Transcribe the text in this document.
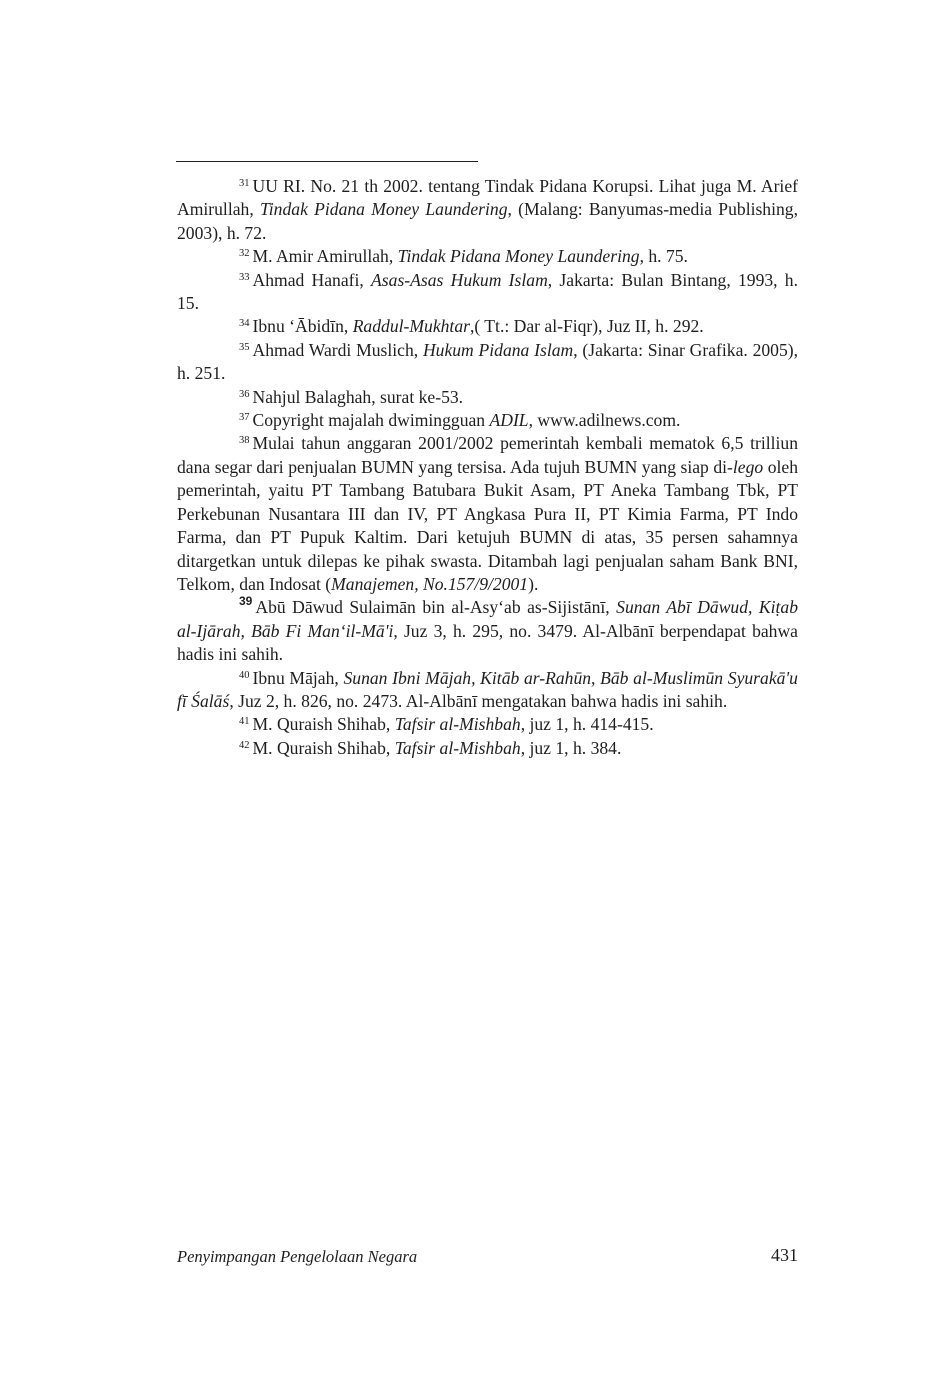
$^{31}$ UU RI. No. 21 th 2002. tentang Tindak Pidana Korupsi. Lihat juga M. Arief Amirullah, Tindak Pidana Money Laundering, (Malang: Banyumas-media Publishing, 2003), h. 72.

$^{32}$ M. Amir Amirullah, Tindak Pidana Money Laundering, h. 75.

$^{33}$ Ahmad Hanafi, Asas-Asas Hukum Islam, Jakarta: Bulan Bintang, 1993, h. 15.

$^{34}$ Ibnu ‘Ābidīn, Raddul-Mukhtar,( Tt.: Dar al-Fiqr), Juz II, h. 292.

$^{35}$ Ahmad Wardi Muslich, Hukum Pidana Islam, (Jakarta: Sinar Grafika. 2005), h. 251.

$^{36}$ Nahjul Balaghah, surat ke-53.

$^{37}$ Copyright majalah dwimingguan ADIL, www.adilnews.com.

$^{38}$ Mulai tahun anggaran 2001/2002 pemerintah kembali mematok 6,5 trilliun dana segar dari penjualan BUMN yang tersisa. Ada tujuh BUMN yang siap di-lego oleh pemerintah, yaitu PT Tambang Batubara Bukit Asam, PT Aneka Tambang Tbk, PT Perkebunan Nusantara III dan IV, PT Angkasa Pura II, PT Kimia Farma, PT Indo Farma, dan PT Pupuk Kaltim. Dari ketujuh BUMN di atas, 35 persen sahamnya ditargetkan untuk dilepas ke pihak swasta. Ditambah lagi penjualan saham Bank BNI, Telkom, dan Indosat (Manajemen, No.157/9/2001).

$^{39}$ Abū Dāwud Sulaimān bin al-Asy‘ab as-Sijistānī, Sunan Abī Dāwud, Kiṭab al-Ijārah, Bāb Fi Man‘il-Mā'i, Juz 3, h. 295, no. 3479. Al-Albānī berpendapat bahwa hadis ini sahih.

$^{40}$ Ibnu Mājah, Sunan Ibni Mājah, Kitāb ar-Rahūn, Bāb al-Muslimūn Syurakā'u fī Śalāś, Juz 2, h. 826, no. 2473. Al-Albānī mengatakan bahwa hadis ini sahih.

$^{41}$ M. Quraish Shihab, Tafsir al-Mishbah, juz 1, h. 414-415.

$^{42}$ M. Quraish Shihab, Tafsir al-Mishbah, juz 1, h. 384.

Penyimpangan Pengelolaan Negara	431
